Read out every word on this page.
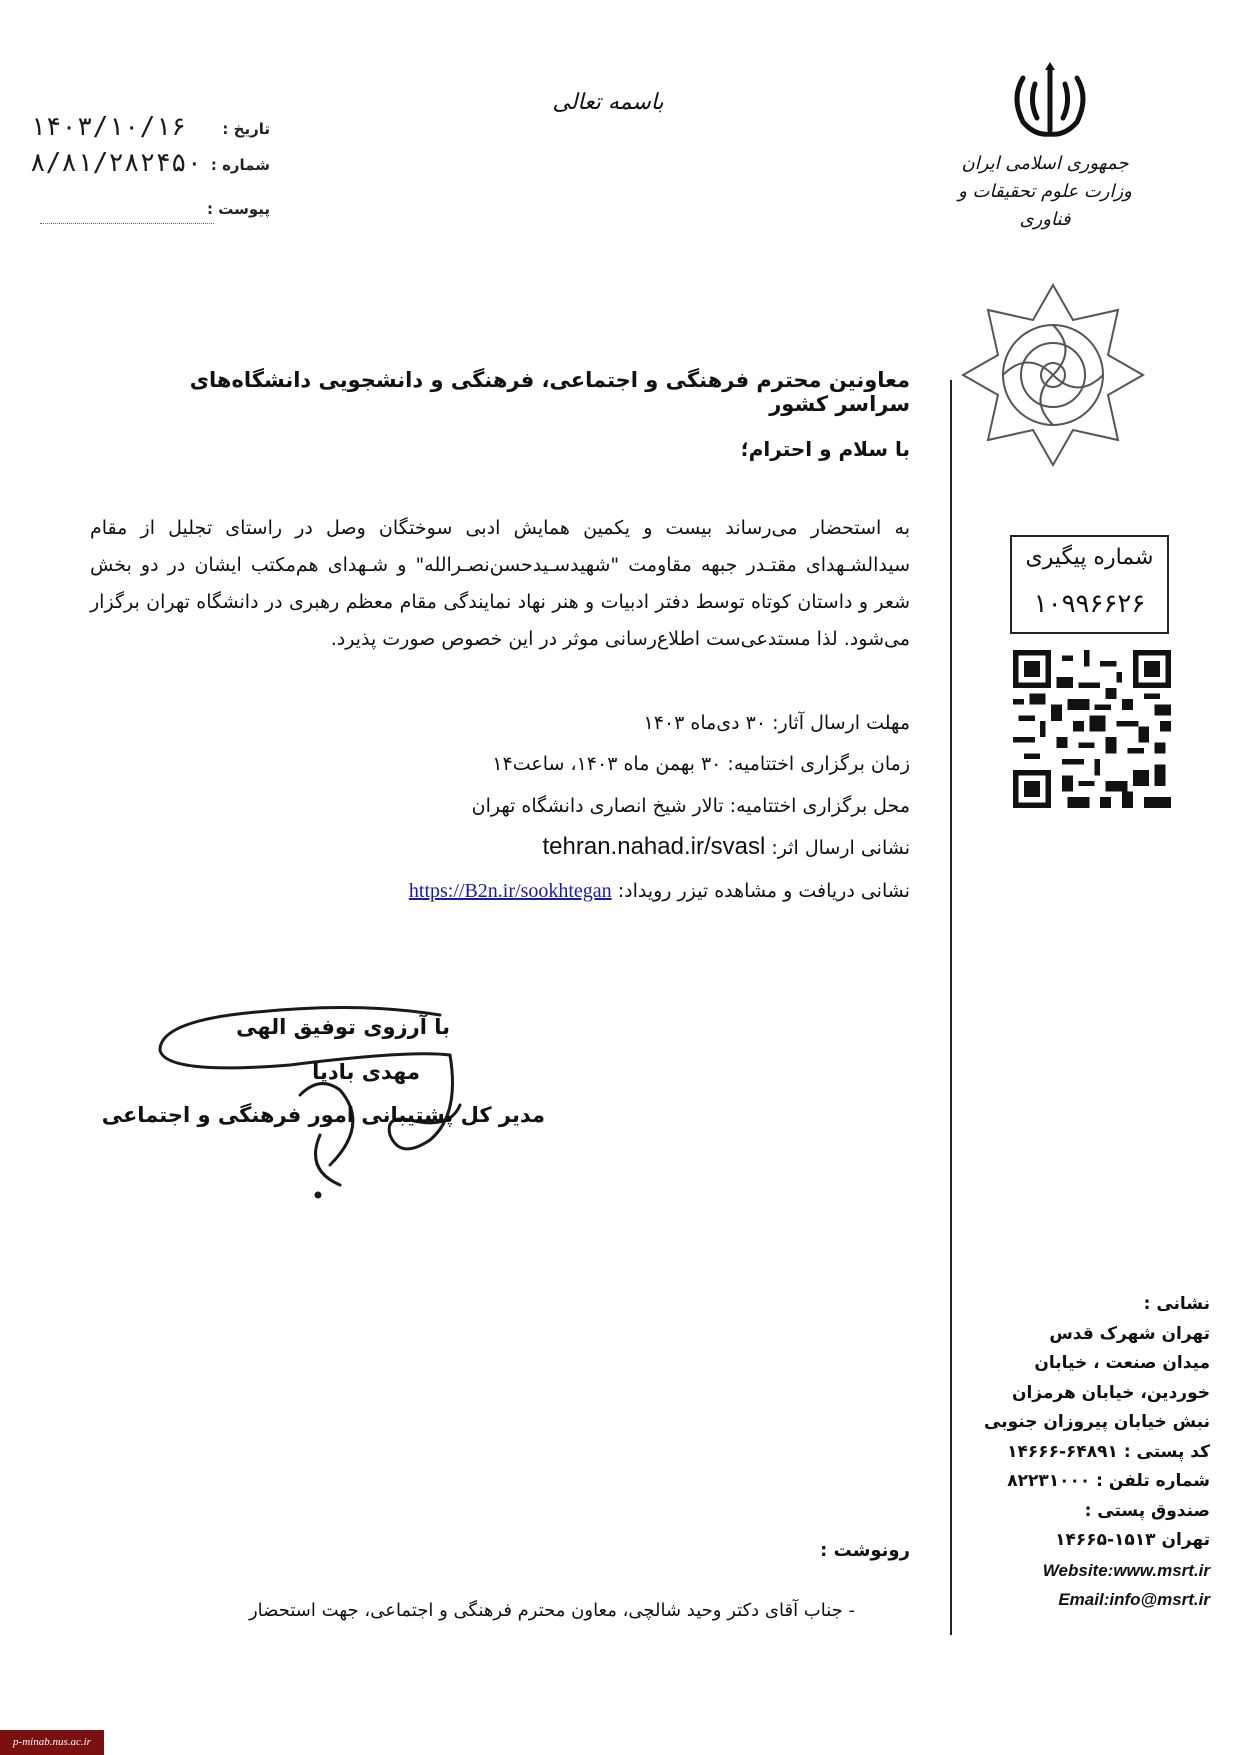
باسمه تعالی
تاریخ :
۱۴۰۳/۱۰/۱۶
شماره :
۸/۸۱/۲۸۲۴۵۰
پیوست :
جمهوری اسلامی ایران
وزارت علوم تحقیقات و فناوری
شماره پیگیری
۱۰۹۹۶۶۲۶
معاونین محترم فرهنگی و اجتماعی، فرهنگی و دانشجویی دانشگاه‌های سراسر کشور
با سلام و احترام؛
به استحضار می‌رساند بیست و یکمین همایش ادبی سوختگان وصل در راستای تجلیل از مقام سیدالشـهدای مقتـدر جبهه مقاومت "شهیدسـیدحسن‌نصـرالله" و شـهدای هم‌مکتب ایشان در دو بخش شعر و داستان کوتاه توسط دفتر ادبیات و هنر نهاد نمایندگی مقام معظم رهبری در دانشگاه تهران برگزار می‌شود. لذا مستدعی‌ست اطلاع‌رسانی موثر در این خصوص صورت پذیرد.
مهلت ارسال آثار: ۳۰ دی‌ماه ۱۴۰۳
زمان برگزاری اختتامیه: ۳۰ بهمن ماه ۱۴۰۳، ساعت۱۴
محل برگزاری اختتامیه: تالار شیخ انصاری دانشگاه تهران
نشانی ارسال اثر: tehran.nahad.ir/svasl
نشانی دریافت و مشاهده تیزر رویداد: https://B2n.ir/sookhtegan
با آرزوی توفیق الهی
مهدی بادپا
مدیر کل پشتیبانی امور فرهنگی و اجتماعی
نشانی :
تهران شهرک قدس
میدان صنعت ، خیابان
خوردین، خیابان هرمزان
نبش خیابان پیروزان جنوبی
کد پستی : ۶۴۸۹۱-۱۴۶۶۶
شماره تلفن : ۸۲۲۳۱۰۰۰
صندوق پستی :
تهران ۱۵۱۳-۱۴۶۶۵
Website:www.msrt.ir
Email:info@msrt.ir
رونوشت :
- جناب آقای دکتر وحید شالچی، معاون محترم فرهنگی و اجتماعی، جهت استحضار
p-minab.nus.ac.ir
